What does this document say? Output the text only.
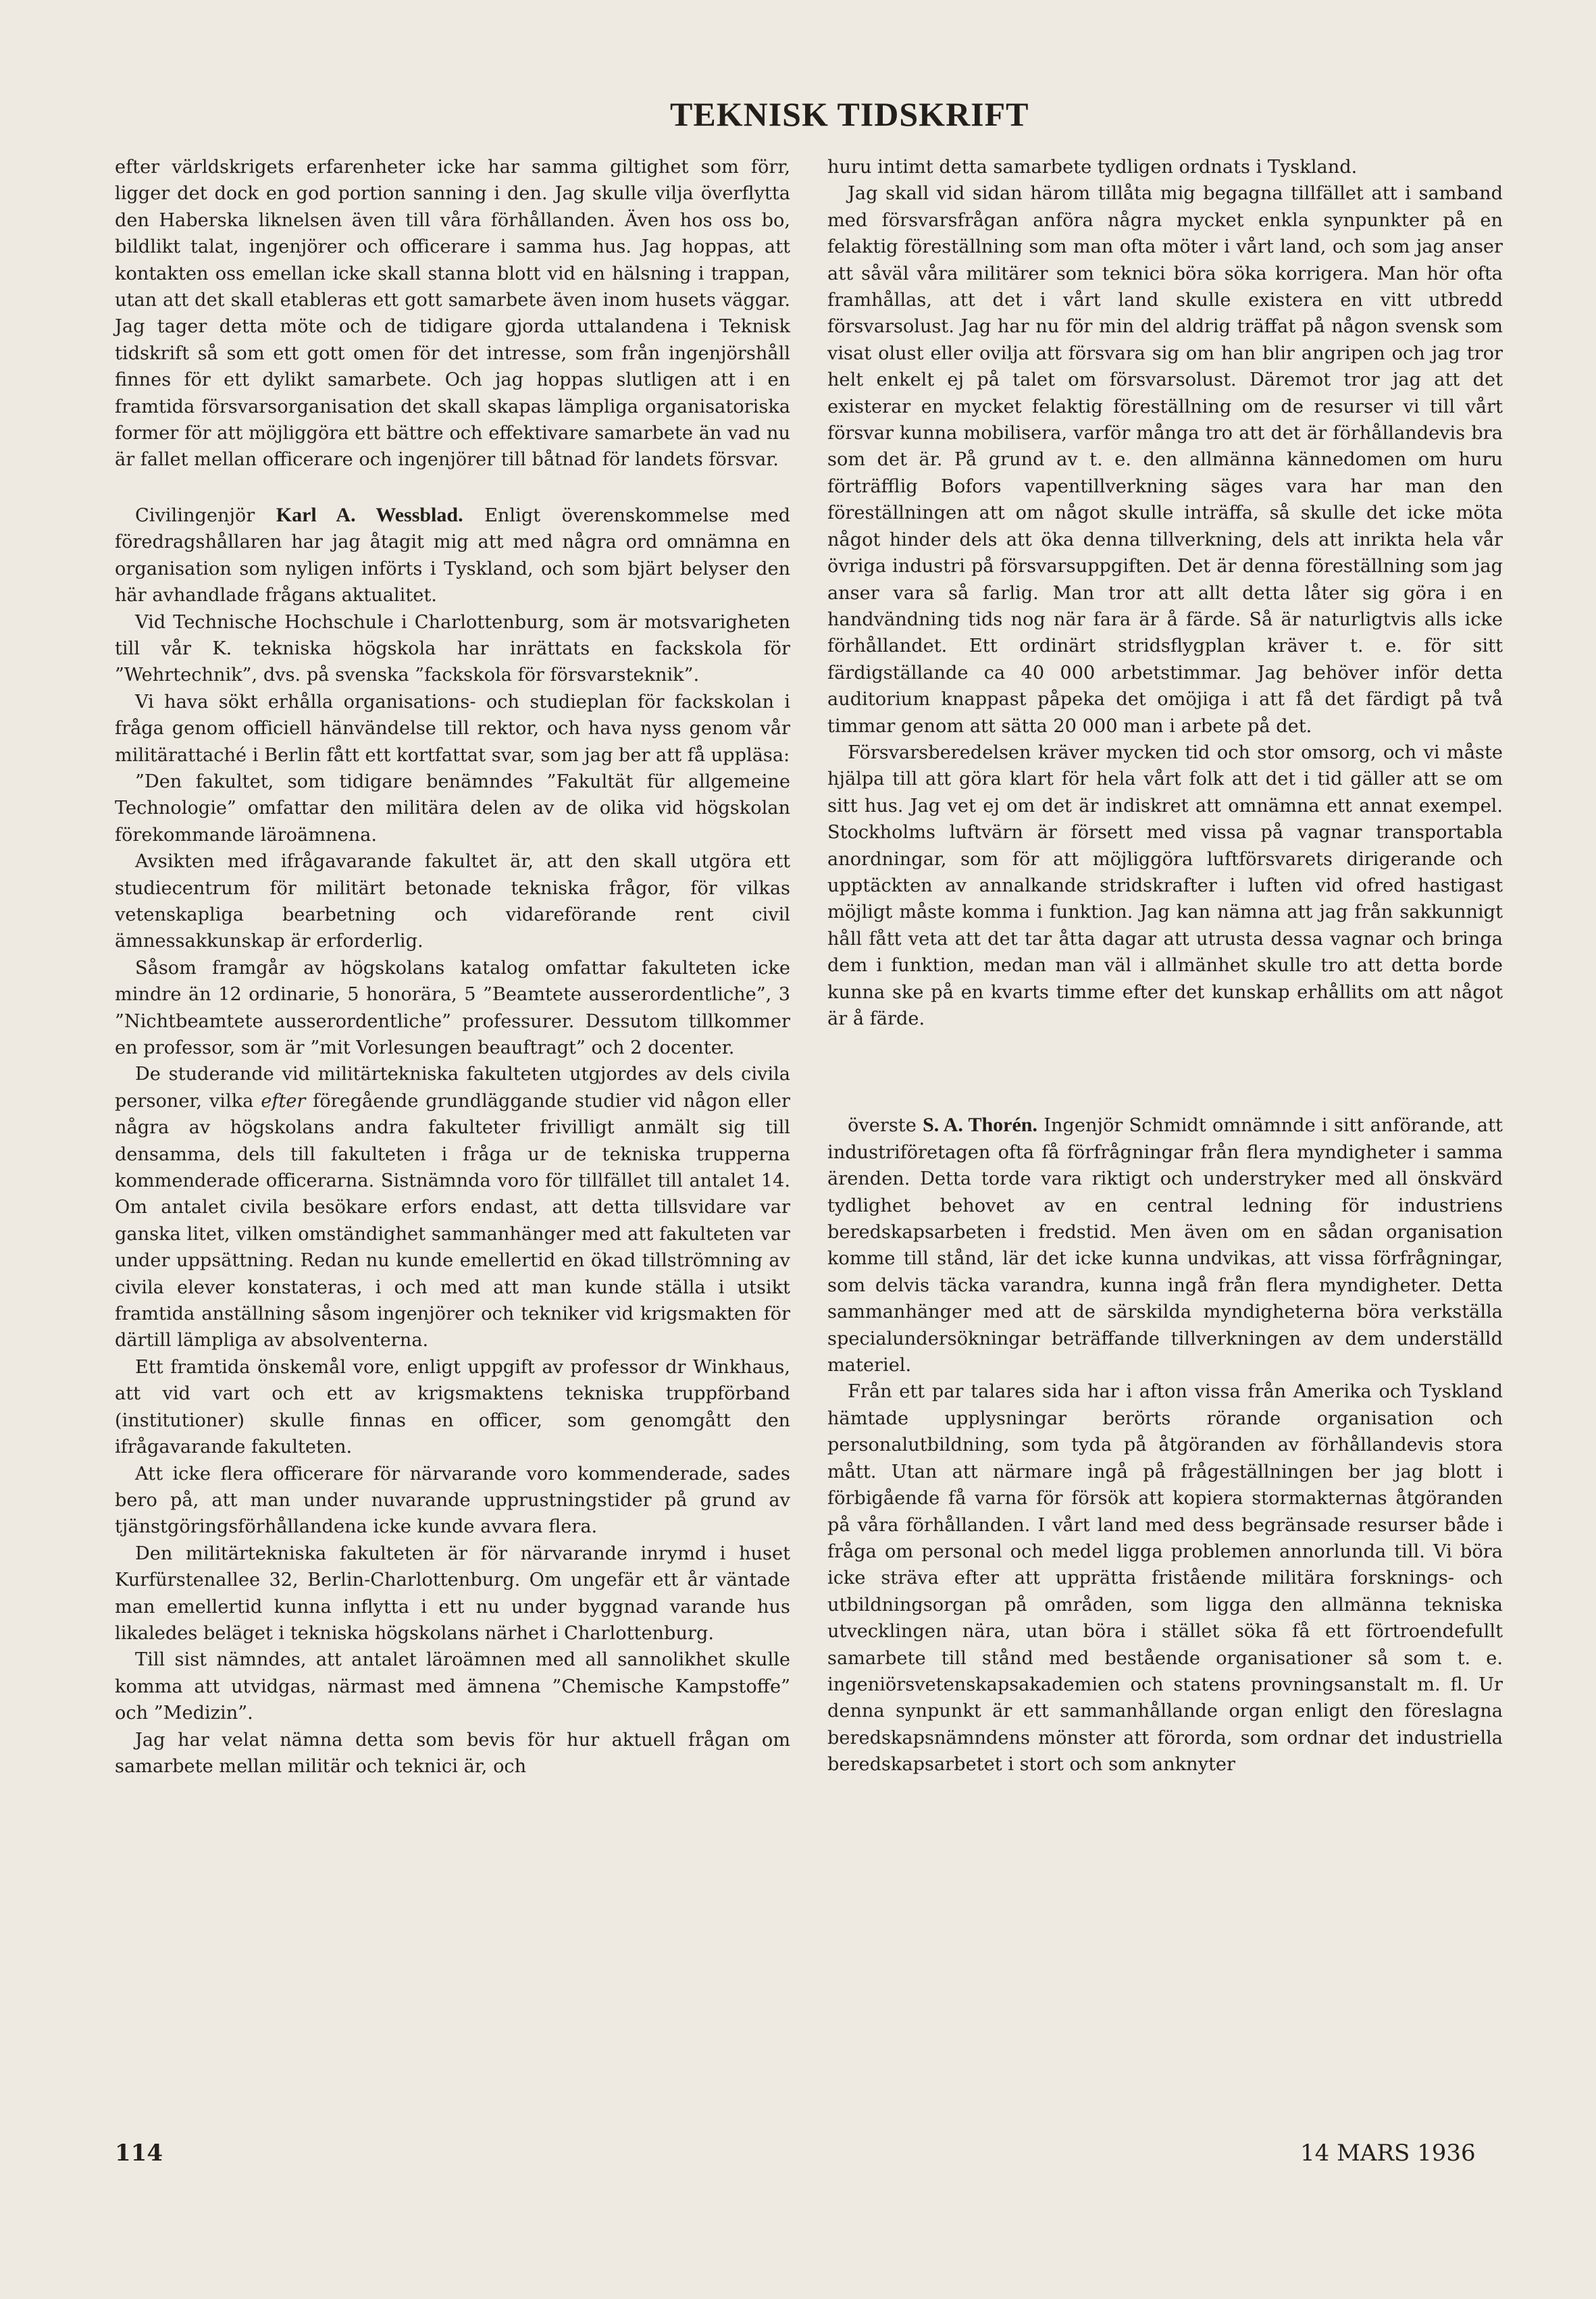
TEKNISK TIDSKRIFT

efter världskrigets erfarenheter icke har samma giltighet som förr, ligger det dock en god portion sanning i den. Jag skulle vilja överflytta den Haberska liknelsen även till våra förhållanden. Även hos oss bo, bildlikt talat, ingenjörer och officerare i samma hus. Jag hoppas, att kontakten oss emellan icke skall stanna blott vid en hälsning i trappan, utan att det skall etableras ett gott samarbete även inom husets väggar. Jag tager detta möte och de tidigare gjorda uttalandena i Teknisk tidskrift så som ett gott omen för det intresse, som från ingenjörshåll finnes för ett dylikt samarbete. Och jag hoppas slutligen att i en framtida försvarsorganisation det skall skapas lämpliga organisatoriska former för att möjliggöra ett bättre och effektivare samarbete än vad nu är fallet mellan officerare och ingenjörer till båtnad för landets försvar.

Civilingenjör Karl A. Wessblad. Enligt överenskommelse med föredragshållaren har jag åtagit mig att med några ord omnämna en organisation som nyligen införts i Tyskland, och som bjärt belyser den här avhandlade frågans aktualitet.

Vid Technische Hochschule i Charlottenburg, som är motsvarigheten till vår K. tekniska högskola har inrättats en fackskola för ”Wehrtechnik”, dvs. på svenska ”fackskola för försvarsteknik”.

Vi hava sökt erhålla organisations- och studieplan för fackskolan i fråga genom officiell hänvändelse till rektor, och hava nyss genom vår militärattaché i Berlin fått ett kortfattat svar, som jag ber att få uppläsa:

”Den fakultet, som tidigare benämndes ”Fakultät für allgemeine Technologie” omfattar den militära delen av de olika vid högskolan förekommande läroämnena.

Avsikten med ifrågavarande fakultet är, att den skall utgöra ett studiecentrum för militärt betonade tekniska frågor, för vilkas vetenskapliga bearbetning och vidareförande rent civil ämnessakkunskap är erforderlig.

Såsom framgår av högskolans katalog omfattar fakulteten icke mindre än 12 ordinarie, 5 honorära, 5 ”Beamtete ausserordentliche”, 3 ”Nichtbeamtete ausserordentliche” professurer. Dessutom tillkommer en professor, som är ”mit Vorlesungen beauftragt” och 2 docenter.

De studerande vid militärtekniska fakulteten utgjordes av dels civila personer, vilka efter föregående grundläggande studier vid någon eller några av högskolans andra fakulteter frivilligt anmält sig till densamma, dels till fakulteten i fråga ur de tekniska trupperna kommenderade officerarna. Sistnämnda voro för tillfället till antalet 14. Om antalet civila besökare erfors endast, att detta tillsvidare var ganska litet, vilken omständighet sammanhänger med att fakulteten var under uppsättning. Redan nu kunde emellertid en ökad tillströmning av civila elever konstateras, i och med att man kunde ställa i utsikt framtida anställning såsom ingenjörer och tekniker vid krigsmakten för därtill lämpliga av absolventerna.

Ett framtida önskemål vore, enligt uppgift av professor dr Winkhaus, att vid vart och ett av krigsmaktens tekniska truppförband (institutioner) skulle finnas en officer, som genomgått den ifrågavarande fakulteten.

Att icke flera officerare för närvarande voro kommenderade, sades bero på, att man under nuvarande upprustningstider på grund av tjänstgöringsförhållandena icke kunde avvara flera.

Den militärtekniska fakulteten är för närvarande inrymd i huset Kurfürstenallee 32, Berlin-Charlottenburg. Om ungefär ett år väntade man emellertid kunna inflytta i ett nu under byggnad varande hus likaledes beläget i tekniska högskolans närhet i Charlottenburg.

Till sist nämndes, att antalet läroämnen med all sannolikhet skulle komma att utvidgas, närmast med ämnena ”Chemische Kampstoffe” och ”Medizin”.

Jag har velat nämna detta som bevis för hur aktuell frågan om samarbete mellan militär och teknici är, och

huru intimt detta samarbete tydligen ordnats i Tyskland.

Jag skall vid sidan härom tillåta mig begagna tillfället att i samband med försvarsfrågan anföra några mycket enkla synpunkter på en felaktig föreställning som man ofta möter i vårt land, och som jag anser att såväl våra militärer som teknici böra söka korrigera. Man hör ofta framhållas, att det i vårt land skulle existera en vitt utbredd försvarsolust. Jag har nu för min del aldrig träffat på någon svensk som visat olust eller ovilja att försvara sig om han blir angripen och jag tror helt enkelt ej på talet om försvarsolust. Däremot tror jag att det existerar en mycket felaktig föreställning om de resurser vi till vårt försvar kunna mobilisera, varför många tro att det är förhållandevis bra som det är. På grund av t. e. den allmänna kännedomen om huru förträfflig Bofors vapentillverkning säges vara har man den föreställningen att om något skulle inträffa, så skulle det icke möta något hinder dels att öka denna tillverkning, dels att inrikta hela vår övriga industri på försvarsuppgiften. Det är denna föreställning som jag anser vara så farlig. Man tror att allt detta låter sig göra i en handvändning tids nog när fara är å färde. Så är naturligtvis alls icke förhållandet. Ett ordinärt stridsflygplan kräver t. e. för sitt färdigställande ca 40 000 arbetstimmar. Jag behöver inför detta auditorium knappast påpeka det omöjiga i att få det färdigt på två timmar genom att sätta 20 000 man i arbete på det.

Försvarsberedelsen kräver mycken tid och stor omsorg, och vi måste hjälpa till att göra klart för hela vårt folk att det i tid gäller att se om sitt hus. Jag vet ej om det är indiskret att omnämna ett annat exempel. Stockholms luftvärn är försett med vissa på vagnar transportabla anordningar, som för att möjliggöra luftförsvarets dirigerande och upptäckten av annalkande stridskrafter i luften vid ofred hastigast möjligt måste komma i funktion. Jag kan nämna att jag från sakkunnigt håll fått veta att det tar åtta dagar att utrusta dessa vagnar och bringa dem i funktion, medan man väl i allmänhet skulle tro att detta borde kunna ske på en kvarts timme efter det kunskap erhållits om att något är å färde.

överste S. A. Thorén. Ingenjör Schmidt omnämnde i sitt anförande, att industriföretagen ofta få förfrågningar från flera myndigheter i samma ärenden. Detta torde vara riktigt och understryker med all önskvärd tydlighet behovet av en central ledning för industriens beredskapsarbeten i fredstid. Men även om en sådan organisation komme till stånd, lär det icke kunna undvikas, att vissa förfrågningar, som delvis täcka varandra, kunna ingå från flera myndigheter. Detta sammanhänger med att de särskilda myndigheterna böra verkställa specialundersökningar beträffande tillverkningen av dem underställd materiel.

Från ett par talares sida har i afton vissa från Amerika och Tyskland hämtade upplysningar berörts rörande organisation och personalutbildning, som tyda på åtgöranden av förhållandevis stora mått. Utan att närmare ingå på frågeställningen ber jag blott i förbigående få varna för försök att kopiera stormakternas åtgöranden på våra förhållanden. I vårt land med dess begränsade resurser både i fråga om personal och medel ligga problemen annorlunda till. Vi böra icke sträva efter att upprätta fristående militära forsknings- och utbildningsorgan på områden, som ligga den allmänna tekniska utvecklingen nära, utan böra i stället söka få ett förtroendefullt samarbete till stånd med bestående organisationer så som t. e. ingeniörsvetenskapsakademien och statens provningsanstalt m. fl. Ur denna synpunkt är ett sammanhållande organ enligt den föreslagna beredskapsnämndens mönster att förorda, som ordnar det industriella beredskapsarbetet i stort och som anknyter

114	14 MARS 1936
